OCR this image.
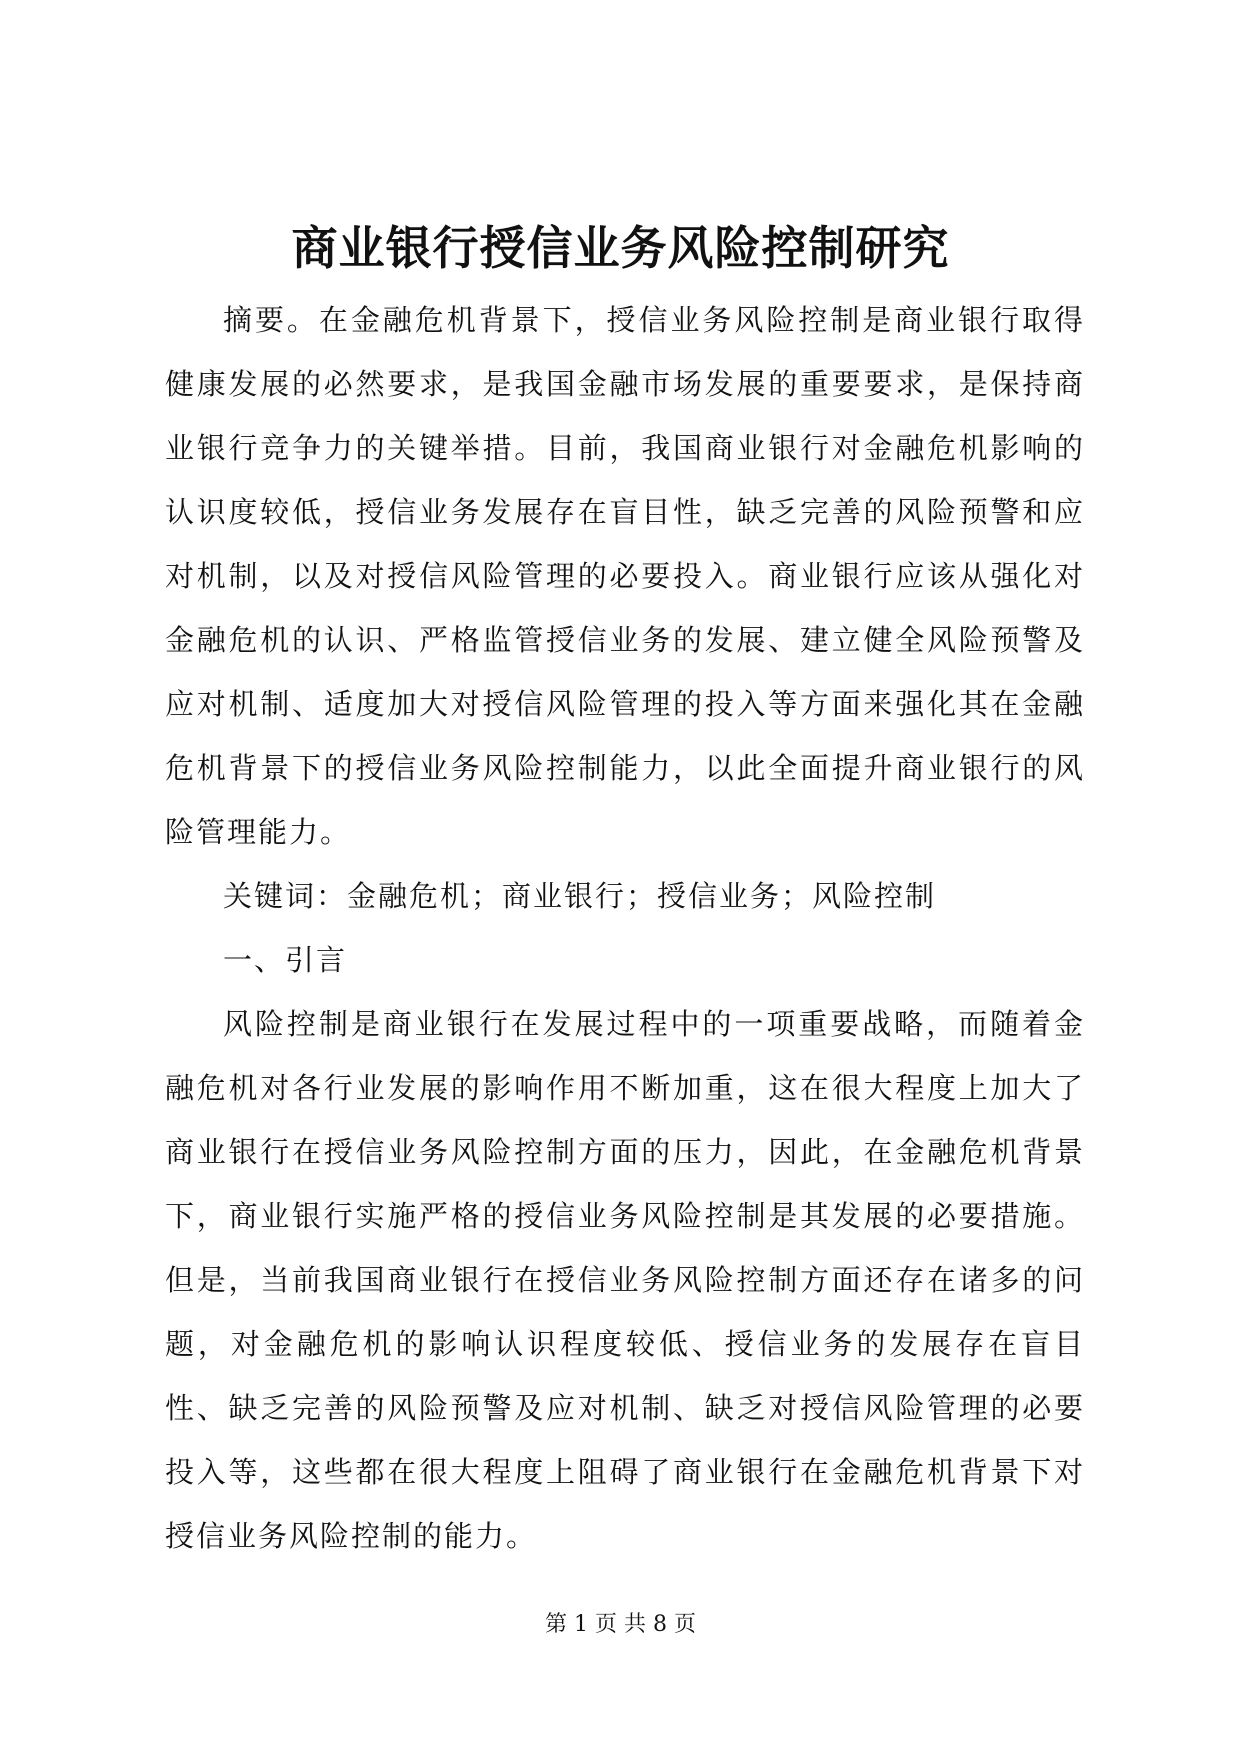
商业银行授信业务风险控制研究

摘要。在金融危机背景下，授信业务风险控制是商业银行取得健康发展的必然要求，是我国金融市场发展的重要要求，是保持商业银行竞争力的关键举措。目前，我国商业银行对金融危机影响的认识度较低，授信业务发展存在盲目性，缺乏完善的风险预警和应对机制，以及对授信风险管理的必要投入。商业银行应该从强化对金融危机的认识、严格监管授信业务的发展、建立健全风险预警及应对机制、适度加大对授信风险管理的投入等方面来强化其在金融危机背景下的授信业务风险控制能力，以此全面提升商业银行的风险管理能力。

关键词：金融危机；商业银行；授信业务；风险控制

一、引言

风险控制是商业银行在发展过程中的一项重要战略，而随着金融危机对各行业发展的影响作用不断加重，这在很大程度上加大了商业银行在授信业务风险控制方面的压力，因此，在金融危机背景下，商业银行实施严格的授信业务风险控制是其发展的必要措施。但是，当前我国商业银行在授信业务风险控制方面还存在诸多的问题，对金融危机的影响认识程度较低、授信业务的发展存在盲目性、缺乏完善的风险预警及应对机制、缺乏对授信风险管理的必要投入等，这些都在很大程度上阻碍了商业银行在金融危机背景下对授信业务风险控制的能力。

第 1 页 共 8 页
